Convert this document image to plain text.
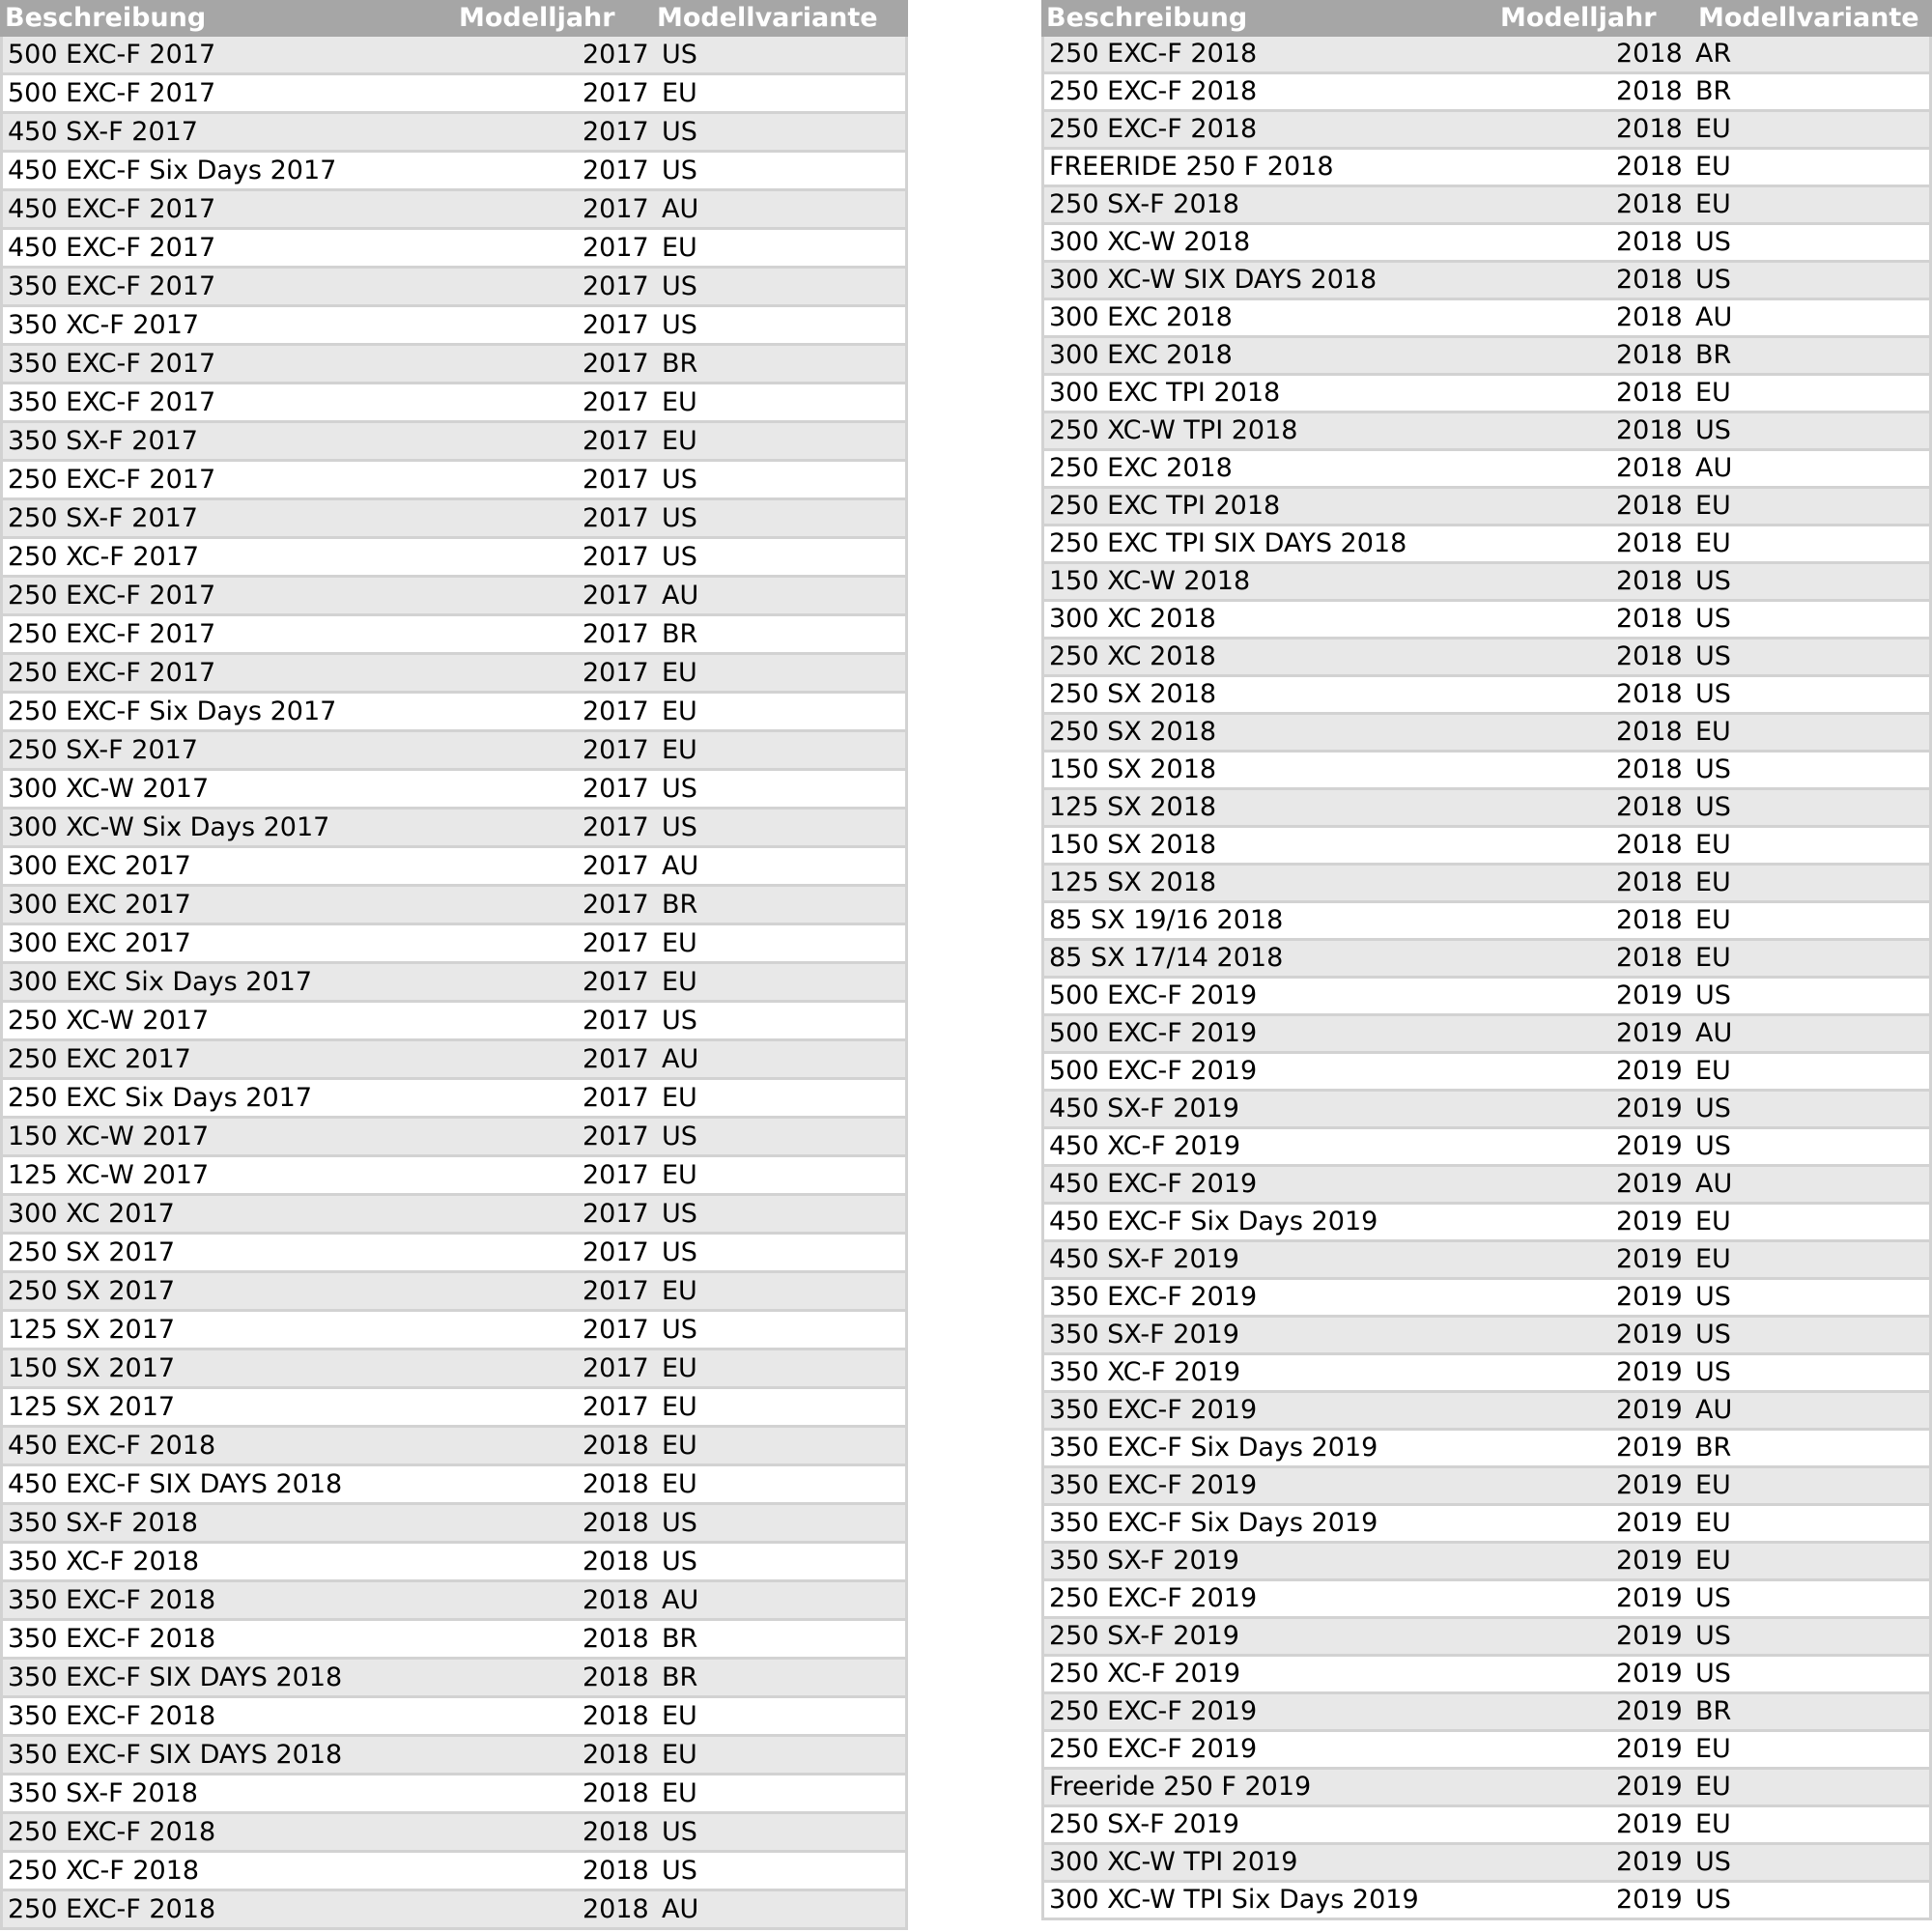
Beschreibung	Modelljahr	Modellvariante
500 EXC-F 2017	2017 US
500 EXC-F 2017	2017 EU
450 SX-F 2017	2017 US
450 EXC-F Six Days 2017	2017 US
450 EXC-F 2017	2017 AU
450 EXC-F 2017	2017 EU
350 EXC-F 2017	2017 US
350 XC-F 2017	2017 US
350 EXC-F 2017	2017 BR
350 EXC-F 2017	2017 EU
350 SX-F 2017	2017 EU
250 EXC-F 2017	2017 US
250 SX-F 2017	2017 US
250 XC-F 2017	2017 US
250 EXC-F 2017	2017 AU
250 EXC-F 2017	2017 BR
250 EXC-F 2017	2017 EU
250 EXC-F Six Days 2017	2017 EU
250 SX-F 2017	2017 EU
300 XC-W 2017	2017 US
300 XC-W Six Days 2017	2017 US
300 EXC 2017	2017 AU
300 EXC 2017	2017 BR
300 EXC 2017	2017 EU
300 EXC Six Days 2017	2017 EU
250 XC-W 2017	2017 US
250 EXC 2017	2017 AU
250 EXC Six Days 2017	2017 EU
150 XC-W 2017	2017 US
125 XC-W 2017	2017 EU
300 XC 2017	2017 US
250 SX 2017	2017 US
250 SX 2017	2017 EU
125 SX 2017	2017 US
150 SX 2017	2017 EU
125 SX 2017	2017 EU
450 EXC-F 2018	2018 EU
450 EXC-F SIX DAYS 2018	2018 EU
350 SX-F 2018	2018 US
350 XC-F 2018	2018 US
350 EXC-F 2018	2018 AU
350 EXC-F 2018	2018 BR
350 EXC-F SIX DAYS 2018	2018 BR
350 EXC-F 2018	2018 EU
350 EXC-F SIX DAYS 2018	2018 EU
350 SX-F 2018	2018 EU
250 EXC-F 2018	2018 US
250 XC-F 2018	2018 US
250 EXC-F 2018	2018 AU
Beschreibung	Modelljahr	Modellvariante
250 EXC-F 2018	2018 AR
250 EXC-F 2018	2018 BR
250 EXC-F 2018	2018 EU
FREERIDE 250 F 2018	2018 EU
250 SX-F 2018	2018 EU
300 XC-W 2018	2018 US
300 XC-W SIX DAYS 2018	2018 US
300 EXC 2018	2018 AU
300 EXC 2018	2018 BR
300 EXC TPI 2018	2018 EU
250 XC-W TPI 2018	2018 US
250 EXC 2018	2018 AU
250 EXC TPI 2018	2018 EU
250 EXC TPI SIX DAYS 2018	2018 EU
150 XC-W 2018	2018 US
300 XC 2018	2018 US
250 XC 2018	2018 US
250 SX 2018	2018 US
250 SX 2018	2018 EU
150 SX 2018	2018 US
125 SX 2018	2018 US
150 SX 2018	2018 EU
125 SX 2018	2018 EU
85 SX 19/16 2018	2018 EU
85 SX 17/14 2018	2018 EU
500 EXC-F 2019	2019 US
500 EXC-F 2019	2019 AU
500 EXC-F 2019	2019 EU
450 SX-F 2019	2019 US
450 XC-F 2019	2019 US
450 EXC-F 2019	2019 AU
450 EXC-F Six Days 2019	2019 EU
450 SX-F 2019	2019 EU
350 EXC-F 2019	2019 US
350 SX-F 2019	2019 US
350 XC-F 2019	2019 US
350 EXC-F 2019	2019 AU
350 EXC-F Six Days 2019	2019 BR
350 EXC-F 2019	2019 EU
350 EXC-F Six Days 2019	2019 EU
350 SX-F 2019	2019 EU
250 EXC-F 2019	2019 US
250 SX-F 2019	2019 US
250 XC-F 2019	2019 US
250 EXC-F 2019	2019 BR
250 EXC-F 2019	2019 EU
Freeride 250 F 2019	2019 EU
250 SX-F 2019	2019 EU
300 XC-W TPI 2019	2019 US
300 XC-W TPI Six Days 2019	2019 US
